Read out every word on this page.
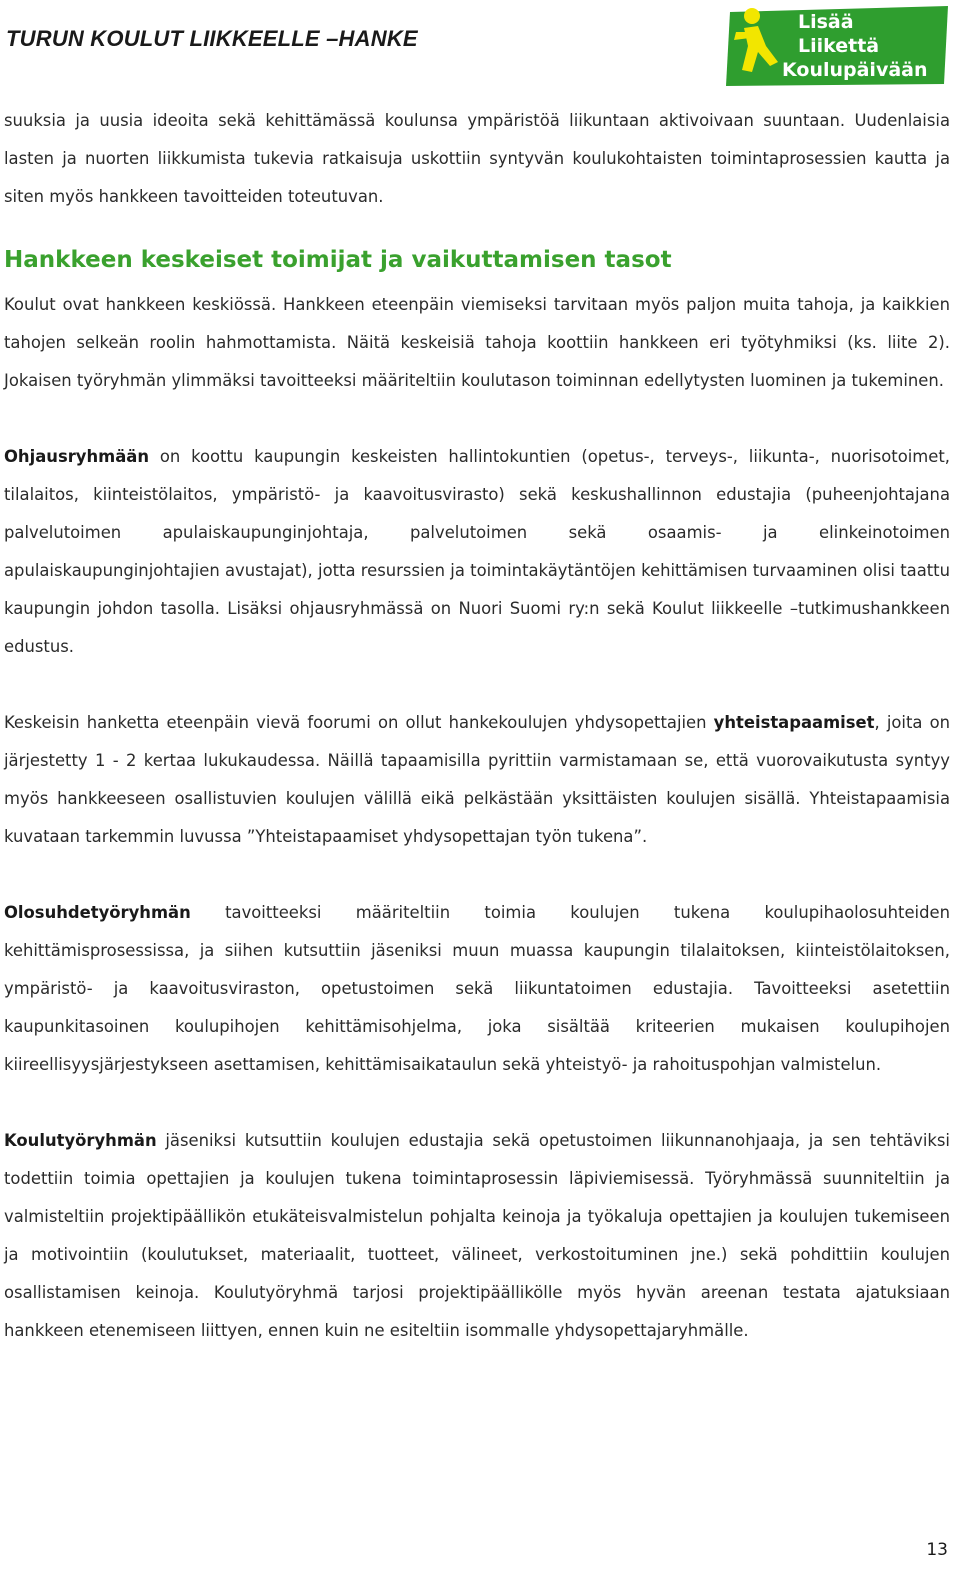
TURUN KOULUT LIIKKEELLE –HANKE
Lisää
Liikettä
Koulupäivään

suuksia ja uusia ideoita sekä kehittämässä koulunsa ympäristöä liikuntaan aktivoivaan suuntaan. Uudenlaisia lasten ja nuorten liikkumista tukevia ratkaisuja uskottiin syntyvän koulukohtaisten toimintaprosessien kautta ja siten myös hankkeen tavoitteiden toteutuvan.

Hankkeen keskeiset toimijat ja vaikuttamisen tasot

Koulut ovat hankkeen keskiössä. Hankkeen eteenpäin viemiseksi tarvitaan myös paljon muita tahoja, ja kaikkien tahojen selkeän roolin hahmottamista. Näitä keskeisiä tahoja koottiin hankkeen eri työtyhmiksi (ks. liite 2). Jokaisen työryhmän ylimmäksi tavoitteeksi määriteltiin koulutason toiminnan edellytysten luominen ja tukeminen.

Ohjausryhmään on koottu kaupungin keskeisten hallintokuntien (opetus-, terveys-, liikunta-, nuorisotoimet, tilalaitos, kiinteistölaitos, ympäristö- ja kaavoitusvirasto) sekä keskushallinnon edustajia (puheenjohtajana palvelutoimen apulaiskaupunginjohtaja, palvelutoimen sekä osaamis- ja elinkeinotoimen apulaiskaupunginjohtajien avustajat), jotta resurssien ja toimintakäytäntöjen kehittämisen turvaaminen olisi taattu kaupungin johdon tasolla. Lisäksi ohjausryhmässä on Nuori Suomi ry:n sekä Koulut liikkeelle –tutkimushankkeen edustus.

Keskeisin hanketta eteenpäin vievä foorumi on ollut hankekoulujen yhdysopettajien yhteistapaamiset, joita on järjestetty 1 - 2 kertaa lukukaudessa. Näillä tapaamisilla pyrittiin varmistamaan se, että vuorovaikutusta syntyy myös hankkeeseen osallistuvien koulujen välillä eikä pelkästään yksittäisten koulujen sisällä. Yhteistapaamisia kuvataan tarkemmin luvussa ”Yhteistapaamiset yhdysopettajan työn tukena”.

Olosuhdetyöryhmän tavoitteeksi määriteltiin toimia koulujen tukena koulupihaolosuhteiden kehittämisprosessissa, ja siihen kutsuttiin jäseniksi muun muassa kaupungin tilalaitoksen, kiinteistölaitoksen, ympäristö- ja kaavoitusviraston, opetustoimen sekä liikuntatoimen edustajia. Tavoitteeksi asetettiin kaupunkitasoinen koulupihojen kehittämisohjelma, joka sisältää kriteerien mukaisen koulupihojen kiireellisyysjärjestykseen asettamisen, kehittämisaikataulun sekä yhteistyö- ja rahoituspohjan valmistelun.

Koulutyöryhmän jäseniksi kutsuttiin koulujen edustajia sekä opetustoimen liikunnanohjaaja, ja sen tehtäviksi todettiin toimia opettajien ja koulujen tukena toimintaprosessin läpiviemisessä. Työryhmässä suunniteltiin ja valmisteltiin projektipäällikön etukäteisvalmistelun pohjalta keinoja ja työkaluja opettajien ja koulujen tukemiseen ja motivointiin (koulutukset, materiaalit, tuotteet, välineet, verkostoituminen jne.) sekä pohdittiin koulujen osallistamisen keinoja. Koulutyöryhmä tarjosi projektipäällikölle myös hyvän areenan testata ajatuksiaan hankkeen etenemiseen liittyen, ennen kuin ne esiteltiin isommalle yhdysopettajaryhmälle.

13
